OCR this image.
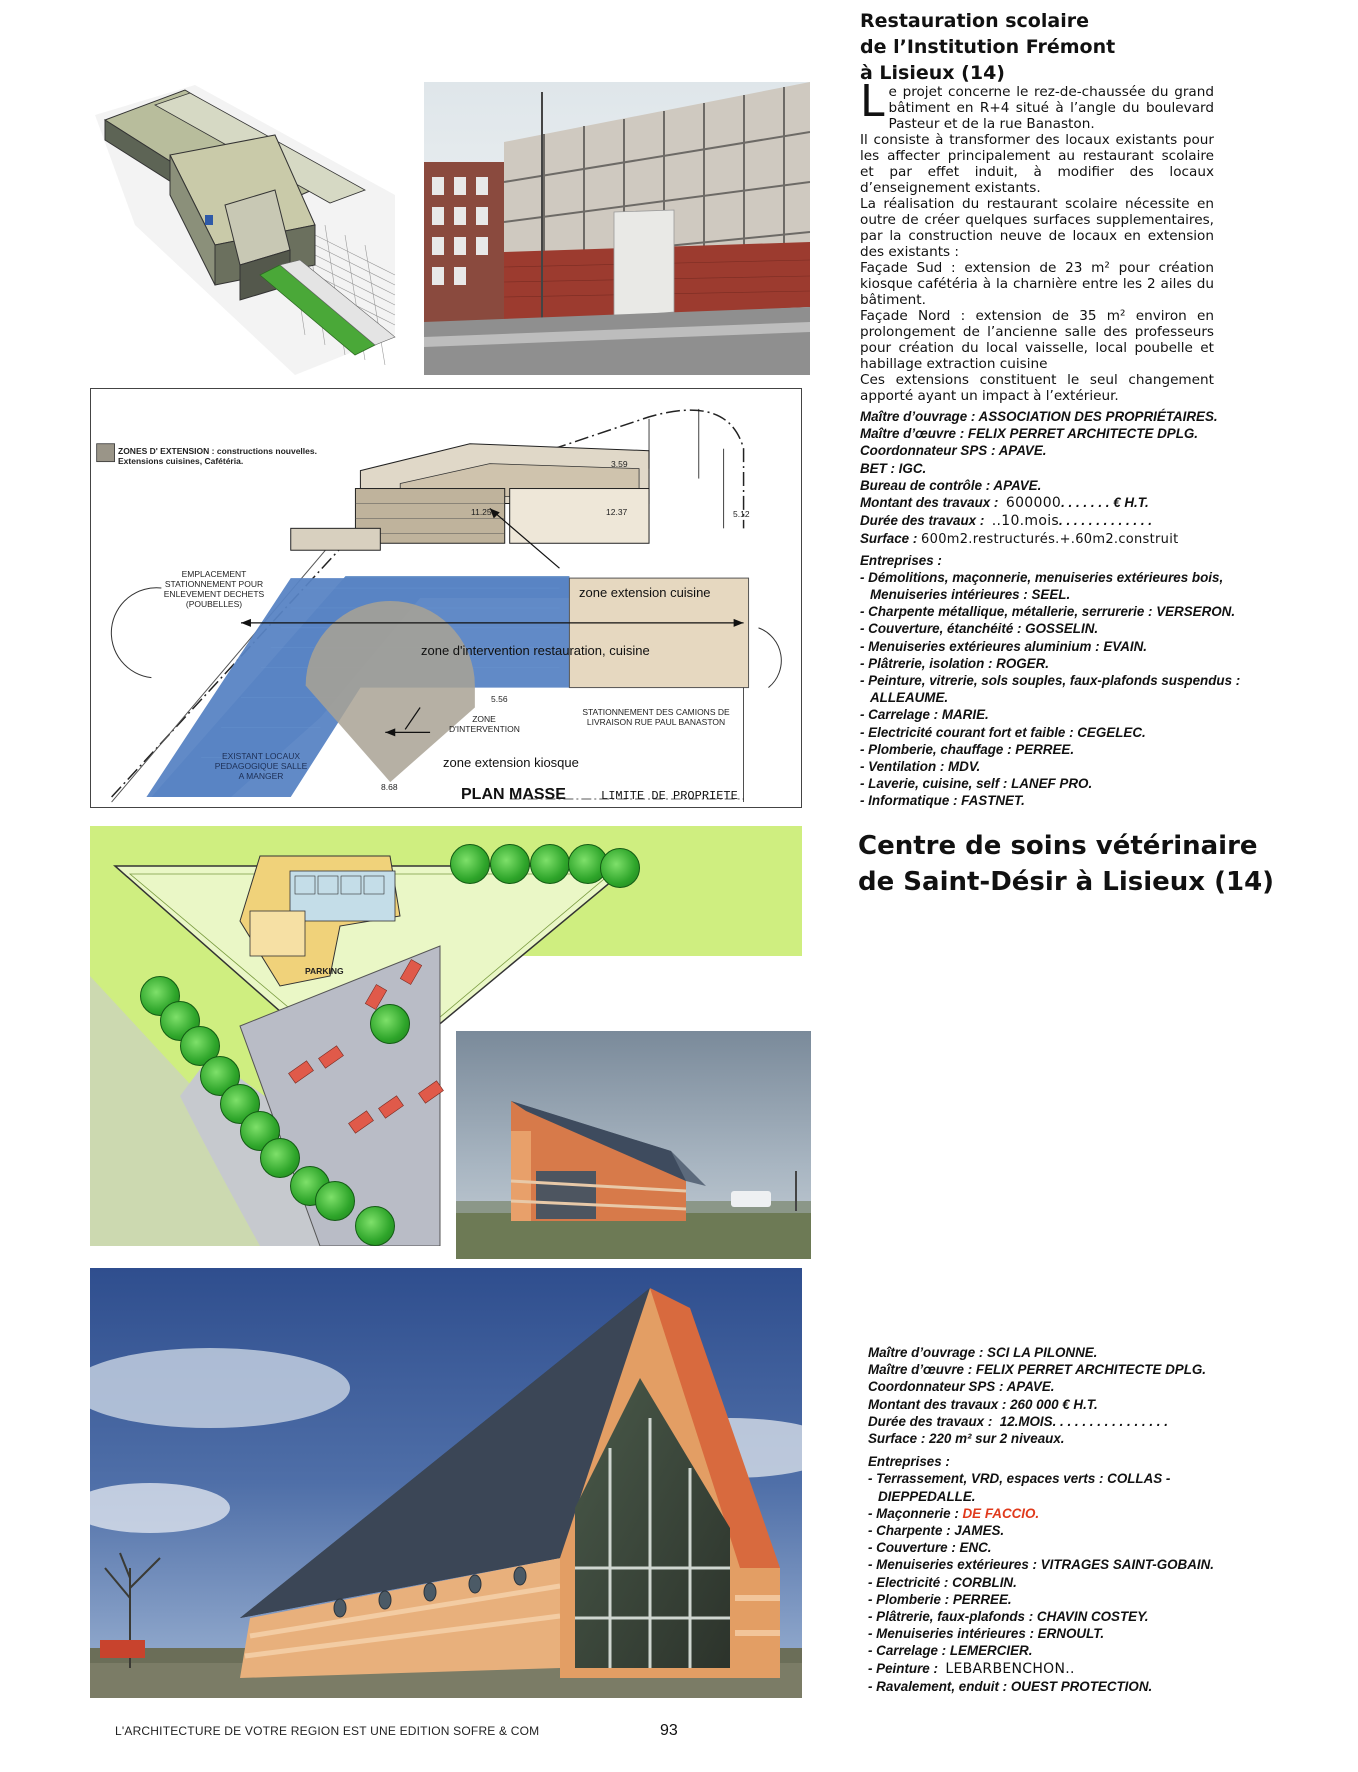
Restauration scolaire
de l’Institution Frémont
à Lisieux (14)

Le projet concerne le rez-de-chaussée du grand bâtiment en R+4 situé à l’angle du boulevard Pasteur et de la rue Banaston.

Il consiste à transformer des locaux existants pour les affecter principalement au restaurant scolaire et par effet induit, à modifier des locaux d’enseignement existants.

La réalisation du restaurant scolaire nécessite en outre de créer quelques surfaces supplementaires, par la construction neuve de locaux en extension des existants :

Façade Sud : extension de 23 m² pour création kiosque cafétéria à la charnière entre les 2 ailes du bâtiment.

Façade Nord : extension de 35 m² environ en prolongement de l’ancienne salle des professeurs pour création du local vaisselle, local poubelle et habillage extraction cuisine

Ces extensions constituent le seul changement apporté ayant un impact à l’extérieur.

Maître d’ouvrage : ASSOCIATION DES PROPRIÉTAIRES.
Maître d’œuvre : FELIX PERRET ARCHITECTE DPLG.
Coordonnateur SPS : APAVE.
BET : IGC.
Bureau de contrôle : APAVE.
Montant des travaux : 600000. . . . . . . € H.T.
Durée des travaux : ..10.mois. . . . . . . . . . . . .
Surface : 600m2.restructurés.+.60m2.construit
Entreprises :
- Démolitions, maçonnerie, menuiseries extérieures bois,
Menuiseries intérieures : SEEL.
- Charpente métallique, métallerie, serrurerie : VERSERON.
- Couverture, étanchéité : GOSSELIN.
- Menuiseries extérieures aluminium : EVAIN.
- Plâtrerie, isolation : ROGER.
- Peinture, vitrerie, sols souples, faux-plafonds suspendus :
ALLEAUME.
- Carrelage : MARIE.
- Electricité courant fort et faible : CEGELEC.
- Plomberie, chauffage : PERREE.
- Ventilation : MDV.
- Laverie, cuisine, self : LANEF PRO.
- Informatique : FASTNET.
ZONES D' EXTENSION : constructions nouvelles.
Extensions cuisines, Cafétéria.
zone extension cuisine
zone d'intervention restauration, cuisine
zone extension kiosque
ZONE D'INTERVENTION
EMPLACEMENT STATIONNEMENT POUR ENLEVEMENT DECHETS (POUBELLES)
STATIONNEMENT DES CAMIONS DE LIVRAISON RUE PAUL BANASTON
EXISTANT LOCAUX PEDAGOGIQUE SALLE A MANGER
PLAN MASSE	LIMITE DE PROPRIETE
11.25	12.37
8.68
3.59
5.12
5.56
Centre de soins vétérinaire
de Saint-Désir à Lisieux (14)
PARKING
Maître d’ouvrage : SCI LA PILONNE.
Maître d’œuvre : FELIX PERRET ARCHITECTE DPLG.
Coordonnateur SPS : APAVE.
Montant des travaux : 260 000 € H.T.
Durée des travaux : 12.MOIS. . . . . . . . . . . . . . . .
Surface : 220 m² sur 2 niveaux.
Entreprises :
- Terrassement, VRD, espaces verts : COLLAS -
DIEPPEDALLE.
- Maçonnerie : DE FACCIO.
- Charpente : JAMES.
- Couverture : ENC.
- Menuiseries extérieures : VITRAGES SAINT-GOBAIN.
- Electricité : CORBLIN.
- Plomberie : PERREE.
- Plâtrerie, faux-plafonds : CHAVIN COSTEY.
- Menuiseries intérieures : ERNOULT.
- Carrelage : LEMERCIER.
- Peinture : LEBARBENCHON..
- Ravalement, enduit : OUEST PROTECTION.
L'ARCHITECTURE DE VOTRE REGION EST UNE EDITION SOFRE & COM	93
